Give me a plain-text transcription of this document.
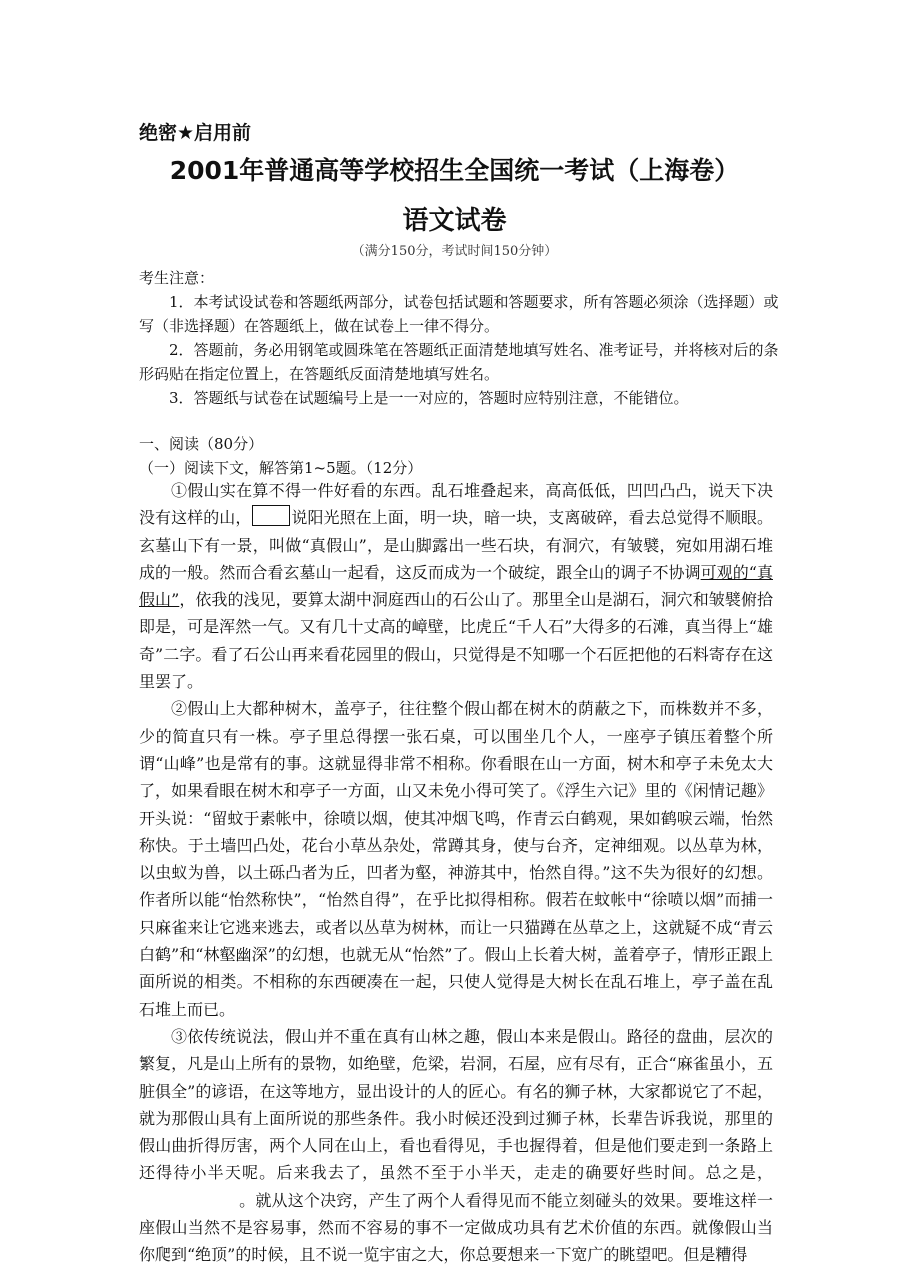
绝密★启用前
2001年普通高等学校招生全国统一考试（上海卷）
语文试卷
（满分150分，考试时间150分钟）

考生注意：

1．本考试设试卷和答题纸两部分，试卷包括试题和答题要求，所有答题必须涂（选择题）或写（非选择题）在答题纸上，做在试卷上一律不得分。

2．答题前，务必用钢笔或圆珠笔在答题纸正面清楚地填写姓名、准考证号，并将核对后的条形码贴在指定位置上，在答题纸反面清楚地填写姓名。

3．答题纸与试卷在试题编号上是一一对应的，答题时应特别注意，不能错位。

一、阅读（80分）
（一）阅读下文，解答第1~5题。（12分）

①假山实在算不得一件好看的东西。乱石堆叠起来，高高低低，凹凹凸凸，说天下决没有这样的山，	说阳光照在上面，明一块，暗一块，支离破碎，看去总觉得不顺眼。玄墓山下有一景，叫做“真假山”，是山脚露出一些石块，有洞穴，有皱襞，宛如用湖石堆成的一般。然而合看玄墓山一起看，这反而成为一个破绽，跟全山的调子不协调可观的“真假山”，依我的浅见，要算太湖中洞庭西山的石公山了。那里全山是湖石，洞穴和皱襞俯拾即是，可是浑然一气。又有几十丈高的嶂壁，比虎丘“千人石”大得多的石滩，真当得上“雄奇”二字。看了石公山再来看花园里的假山，只觉得是不知哪一个石匠把他的石料寄存在这里罢了。

②假山上大都种树木，盖亭子，往往整个假山都在树木的荫蔽之下，而株数并不多，少的简直只有一株。亭子里总得摆一张石桌，可以围坐几个人，一座亭子镇压着整个所谓“山峰”也是常有的事。这就显得非常不相称。你看眼在山一方面，树木和亭子未免太大了，如果看眼在树木和亭子一方面，山又未免小得可笑了。《浮生六记》里的《闲情记趣》开头说：“留蚊于素帐中，徐喷以烟，使其冲烟飞鸣，作青云白鹤观，果如鹤唳云端，怡然称快。于土墙凹凸处，花台小草丛杂处，常蹲其身，使与台齐，定神细观。以丛草为林，以虫蚁为兽，以土砾凸者为丘，凹者为壑，神游其中，怡然自得。”这不失为很好的幻想。作者所以能“怡然称快”，“怡然自得”，在乎比拟得相称。假若在蚊帐中“徐喷以烟”而捕一只麻雀来让它逃来逃去，或者以丛草为树林，而让一只猫蹲在丛草之上，这就疑不成“青云白鹤”和“林壑幽深”的幻想，也就无从“怡然”了。假山上长着大树，盖着亭子，情形正跟上面所说的相类。不相称的东西硬凑在一起，只使人觉得是大树长在乱石堆上，亭子盖在乱石堆上而已。

③依传统说法，假山并不重在真有山林之趣，假山本来是假山。路径的盘曲，层次的繁复，凡是山上所有的景物，如绝壁，危梁，岩洞，石屋，应有尽有，正合“麻雀虽小，五脏俱全”的谚语，在这等地方，显出设计的人的匠心。有名的狮子林，大家都说它了不起，就为那假山具有上面所说的那些条件。我小时候还没到过狮子林，长辈告诉我说，那里的假山曲折得厉害，两个人同在山上，看也看得见，手也握得着，但是他们要走到一条路上还得待小半天呢。后来我去了，虽然不至于小半天，走走的确要好些时间。总之是，。就从这个决窍，产生了两个人看得见而不能立刻碰头的效果。要堆这样一座假山当然不是容易事，然而不容易的事不一定做成功具有艺术价值的东西。就像假山当你爬到“绝顶”的时候，且不说一览宇宙之大，你总要想来一下宽广的眺望吧。但是糟得
